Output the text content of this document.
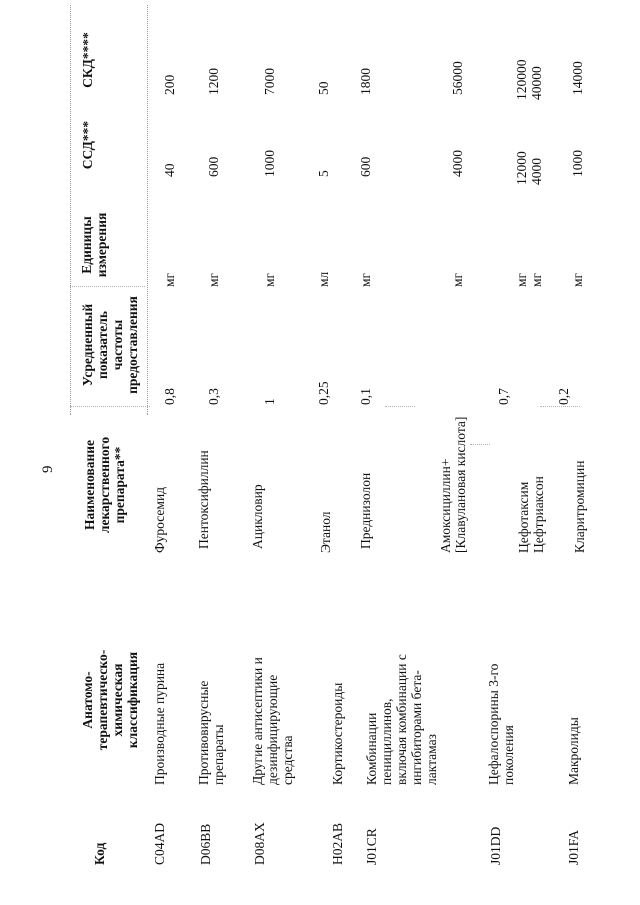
9
Код
Анатомо-
терапевтическо-
химическая
классификация
Наименование
лекарственного
препарата**
Усредненный
показатель
частоты
предоставления
Единицы
измерения
ССД***
СКД****
C04AD
Производные пурина
Фуросемид
0,8
мг
40
200
D06BB
Противовирусные
препараты
Пентоксифиллин
0,3
мг
600
1200
D08AX
Другие антисептики и
дезинфицирующие
средства
Ацикловир
1
мг
1000
7000
H02AB
Кортикостероиды
Этанол
0,25
мл
5
50
J01CR
Комбинации
пенициллинов,
включая комбинации с
ингибиторами бета-
лактамаз
Преднизолон
0,1
мг
600
1800
Амоксициллин+
[Клавулановая кислота]
мг
4000
56000
J01DD
Цефалоспорины 3-го
поколения
Цефотаксим
Цефтриаксон
0,7
мг
мг
12000
4000
120000
40000
J01FA
Макролиды
Кларитромицин
0,2
мг
1000
14000
